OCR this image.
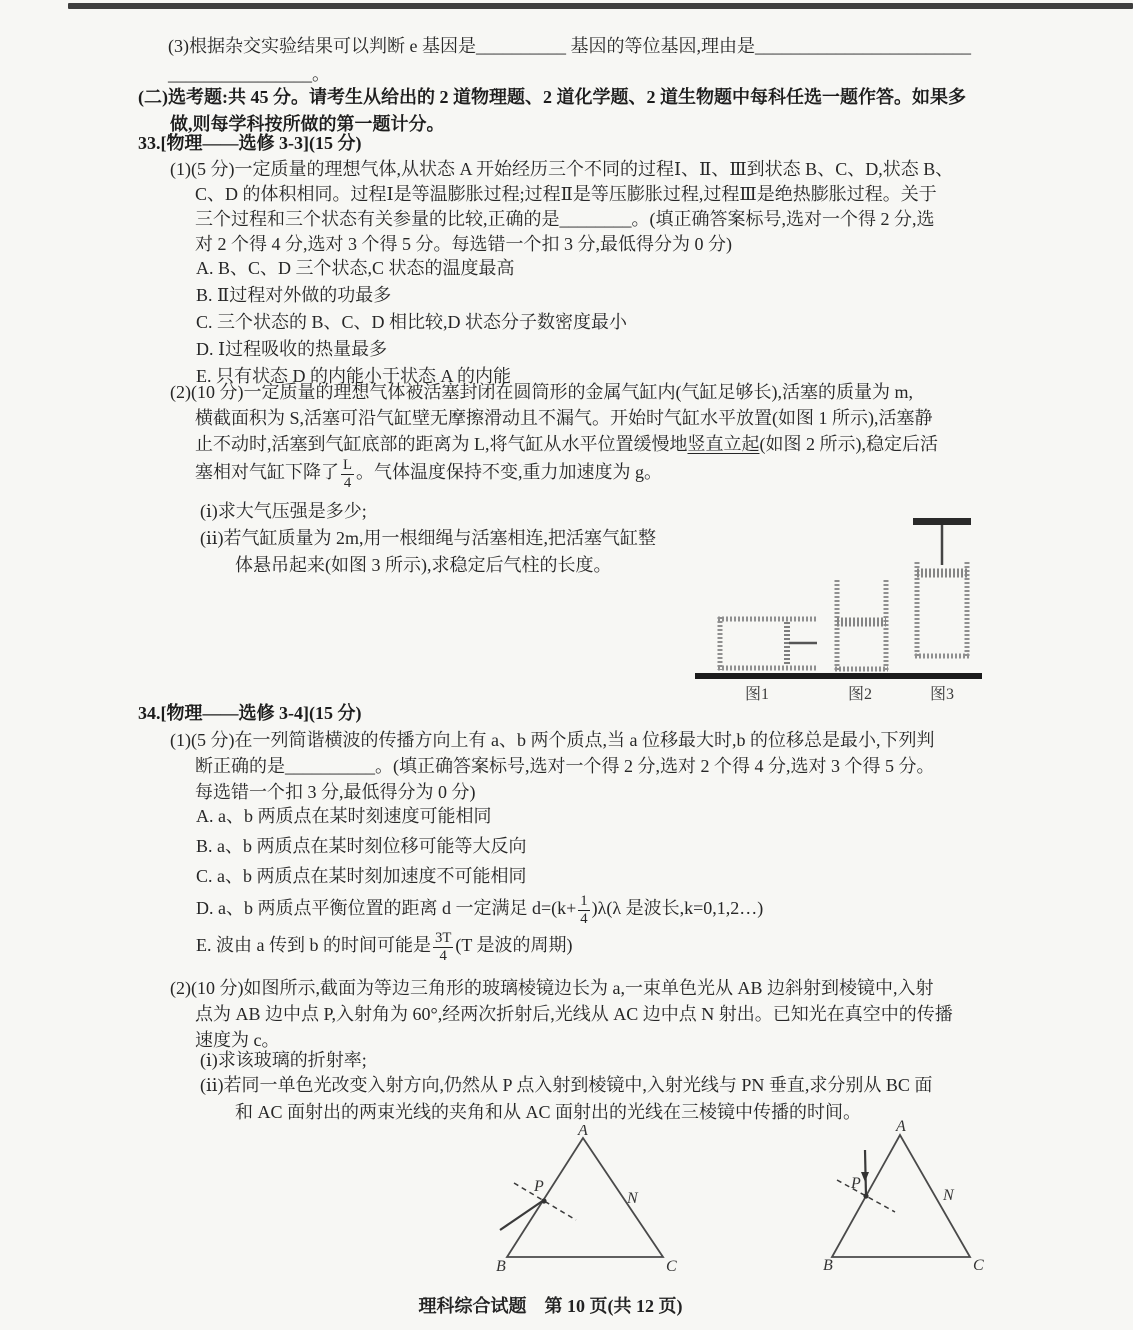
(3)根据杂交实验结果可以判断 e 基因是__________ 基因的等位基因,理由是________________________
________________。
(二)选考题:共 45 分。请考生从给出的 2 道物理题、2 道化学题、2 道生物题中每科任选一题作答。如果多
做,则每学科按所做的第一题计分。
33.[物理——选修 3-3](15 分)
(1)(5 分)一定质量的理想气体,从状态 A 开始经历三个不同的过程Ⅰ、Ⅱ、Ⅲ到状态 B、C、D,状态 B、
C、D 的体积相同。过程Ⅰ是等温膨胀过程;过程Ⅱ是等压膨胀过程,过程Ⅲ是绝热膨胀过程。关于
三个过程和三个状态有关参量的比较,正确的是________。(填正确答案标号,选对一个得 2 分,选
对 2 个得 4 分,选对 3 个得 5 分。每选错一个扣 3 分,最低得分为 0 分)
A. B、C、D 三个状态,C 状态的温度最高
B. Ⅱ过程对外做的功最多
C. 三个状态的 B、C、D 相比较,D 状态分子数密度最小
D. Ⅰ过程吸收的热量最多
E. 只有状态 D 的内能小于状态 A 的内能
(2)(10 分)一定质量的理想气体被活塞封闭在圆筒形的金属气缸内(气缸足够长),活塞的质量为 m,
横截面积为 S,活塞可沿气缸壁无摩擦滑动且不漏气。开始时气缸水平放置(如图 1 所示),活塞静
止不动时,活塞到气缸底部的距离为 L,将气缸从水平位置缓慢地竖直立起(如图 2 所示),稳定后活
塞相对气缸下降了 $\frac{L}{4}$ 。气体温度保持不变,重力加速度为 g。
(ⅰ)求大气压强是多少;
(ⅱ)若气缸质量为 2m,用一根细绳与活塞相连,把活塞气缸整
体悬吊起来(如图 3 所示),求稳定后气柱的长度。
图1	图2	图3
34.[物理——选修 3-4](15 分)
(1)(5 分)在一列简谐横波的传播方向上有 a、b 两个质点,当 a 位移最大时,b 的位移总是最小,下列判
断正确的是__________。(填正确答案标号,选对一个得 2 分,选对 2 个得 4 分,选对 3 个得 5 分。
每选错一个扣 3 分,最低得分为 0 分)
A. a、b 两质点在某时刻速度可能相同
B. a、b 两质点在某时刻位移可能等大反向
C. a、b 两质点在某时刻加速度不可能相同
D. a、b 两质点平衡位置的距离 d 一定满足 $d=(k+ \frac{1}{4} )\lambda(\lambda$ 是波长,k=0,1,2…)
E. 波由 a 传到 b 的时间可能是 $\frac{3T}{4} (T$ 是波的周期)
(2)(10 分)如图所示,截面为等边三角形的玻璃棱镜边长为 a,一束单色光从 AB 边斜射到棱镜中,入射
点为 AB 边中点 P,入射角为 60°,经两次折射后,光线从 AC 边中点 N 射出。已知光在真空中的传播
速度为 c。
(ⅰ)求该玻璃的折射率;
(ⅱ)若同一单色光改变入射方向,仍然从 P 点入射到棱镜中,入射光线与 PN 垂直,求分别从 BC 面
和 AC 面射出的两束光线的夹角和从 AC 面射出的光线在三棱镜中传播的时间。
A
B	C
P
N
A
B	C
P
N
理科综合试题　第 10 页(共 12 页)
